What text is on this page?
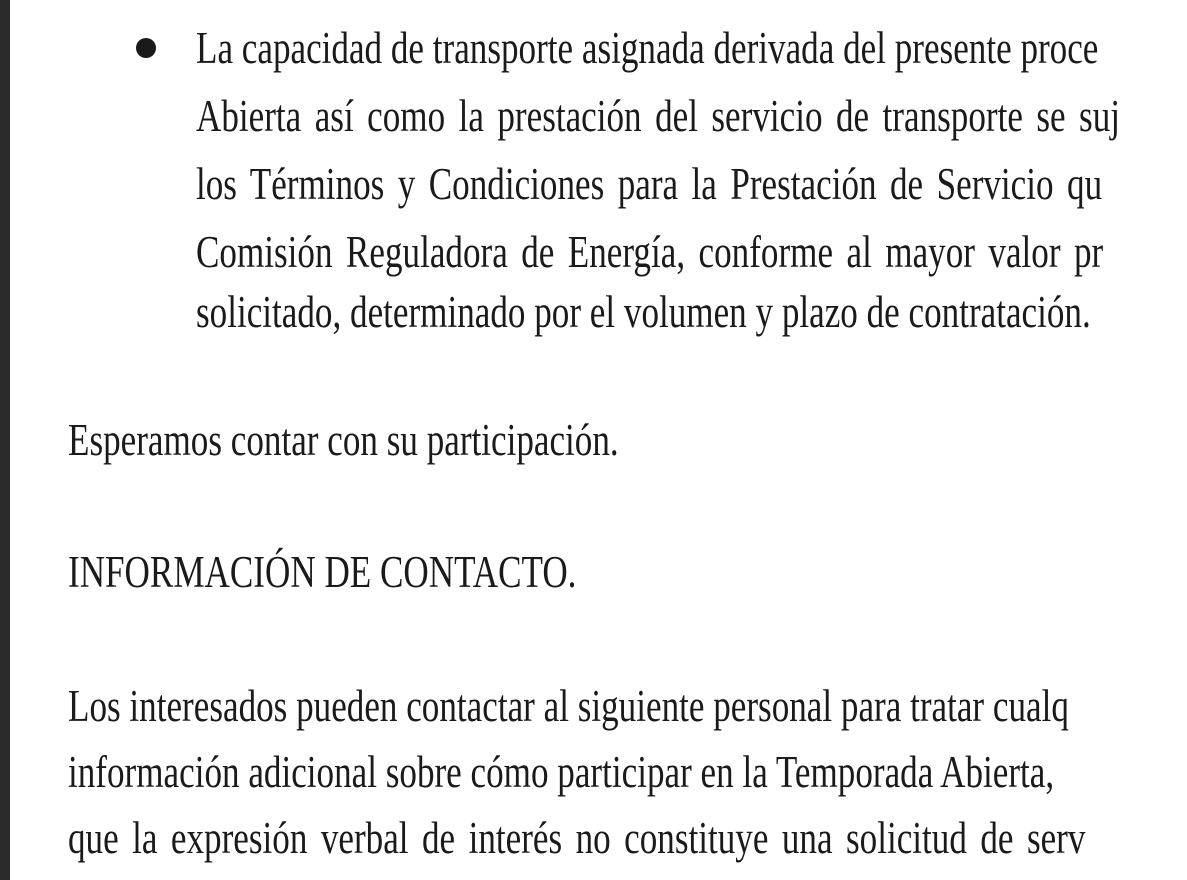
La capacidad de transporte asignada derivada del presente proce
Abierta así como la prestación del servicio de transporte se suj
los Términos y Condiciones para la Prestación de Servicio qu
Comisión Reguladora de Energía, conforme al mayor valor pr
solicitado, determinado por el volumen y plazo de contratación.
Esperamos contar con su participación.
INFORMACIÓN DE CONTACTO.
Los interesados pueden contactar al siguiente personal para tratar cualq
información adicional sobre cómo participar en la Temporada Abierta,
que la expresión verbal de interés no constituye una solicitud de serv
